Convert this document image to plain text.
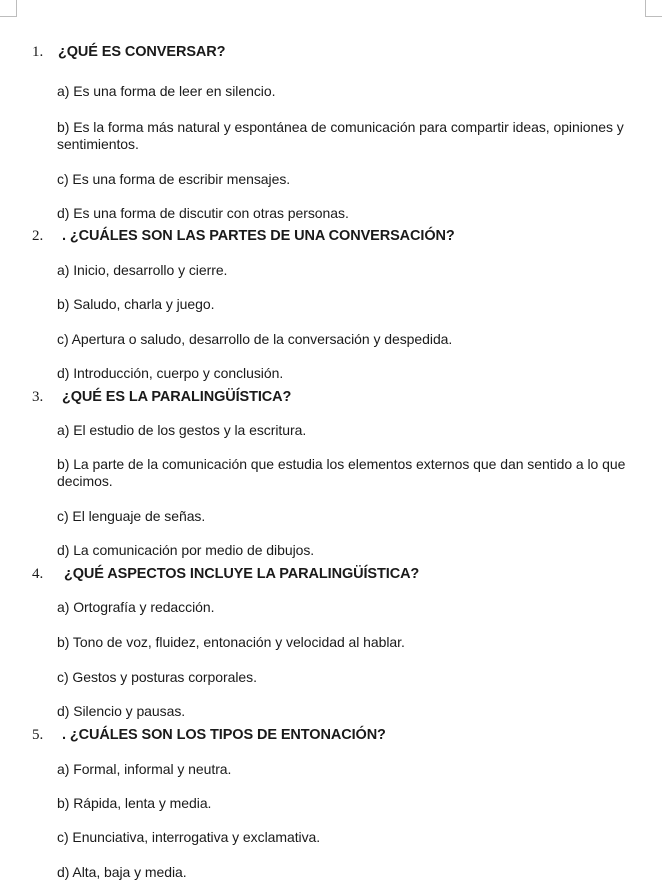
1.	¿QUÉ ES CONVERSAR?
a) Es una forma de leer en silencio.
b) Es la forma más natural y espontánea de comunicación para compartir ideas, opiniones y sentimientos.
c) Es una forma de escribir mensajes.
d) Es una forma de discutir con otras personas.
2.	. ¿CUÁLES SON LAS PARTES DE UNA CONVERSACIÓN?
a) Inicio, desarrollo y cierre.
b) Saludo, charla y juego.
c) Apertura o saludo, desarrollo de la conversación y despedida.
d) Introducción, cuerpo y conclusión.
3.	¿QUÉ ES LA PARALINGÜÍSTICA?
a) El estudio de los gestos y la escritura.
b) La parte de la comunicación que estudia los elementos externos que dan sentido a lo que decimos.
c) El lenguaje de señas.
d) La comunicación por medio de dibujos.
4.	¿QUÉ ASPECTOS INCLUYE LA PARALINGÜÍSTICA?
a) Ortografía y redacción.
b) Tono de voz, fluidez, entonación y velocidad al hablar.
c) Gestos y posturas corporales.
d) Silencio y pausas.
5.	. ¿CUÁLES SON LOS TIPOS DE ENTONACIÓN?
a) Formal, informal y neutra.
b) Rápida, lenta y media.
c) Enunciativa, interrogativa y exclamativa.
d) Alta, baja y media.
